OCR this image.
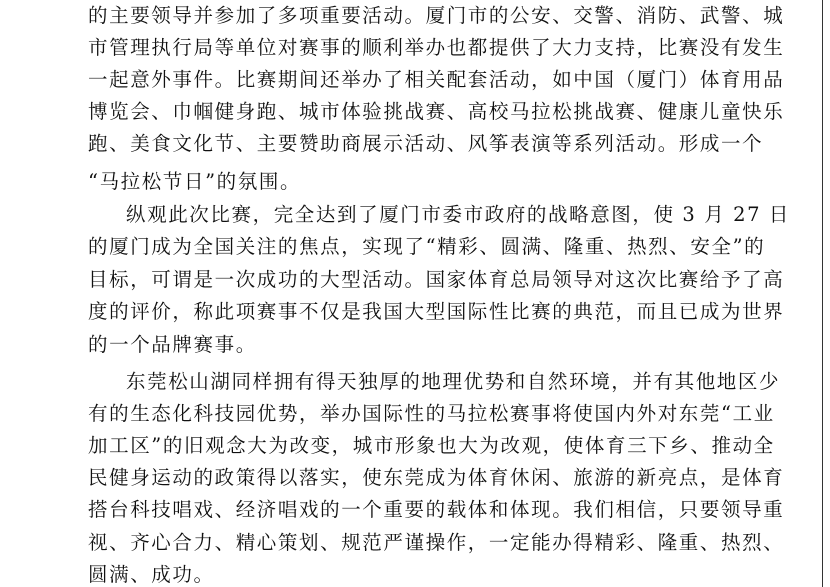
的主要领导并参加了多项重要活动。厦门市的公安、交警、消防、武警、城
市管理执行局等单位对赛事的顺利举办也都提供了大力支持，比赛没有发生
一起意外事件。比赛期间还举办了相关配套活动，如中国（厦门）体育用品
博览会、巾帼健身跑、城市体验挑战赛、高校马拉松挑战赛、健康儿童快乐
跑、美食文化节、主要赞助商展示活动、风筝表演等系列活动。形成一个
“马拉松节日”的氛围。
纵观此次比赛，完全达到了厦门市委市政府的战略意图，使 3 月 27 日
的厦门成为全国关注的焦点，实现了“精彩、圆满、隆重、热烈、安全”的
目标，可谓是一次成功的大型活动。国家体育总局领导对这次比赛给予了高
度的评价，称此项赛事不仅是我国大型国际性比赛的典范，而且已成为世界
的一个品牌赛事。
东莞松山湖同样拥有得天独厚的地理优势和自然环境，并有其他地区少
有的生态化科技园优势，举办国际性的马拉松赛事将使国内外对东莞“工业
加工区”的旧观念大为改变，城市形象也大为改观，使体育三下乡、推动全
民健身运动的政策得以落实，使东莞成为体育休闲、旅游的新亮点，是体育
搭台科技唱戏、经济唱戏的一个重要的载体和体现。我们相信，只要领导重
视、齐心合力、精心策划、规范严谨操作，一定能办得精彩、隆重、热烈、
圆满、成功。
